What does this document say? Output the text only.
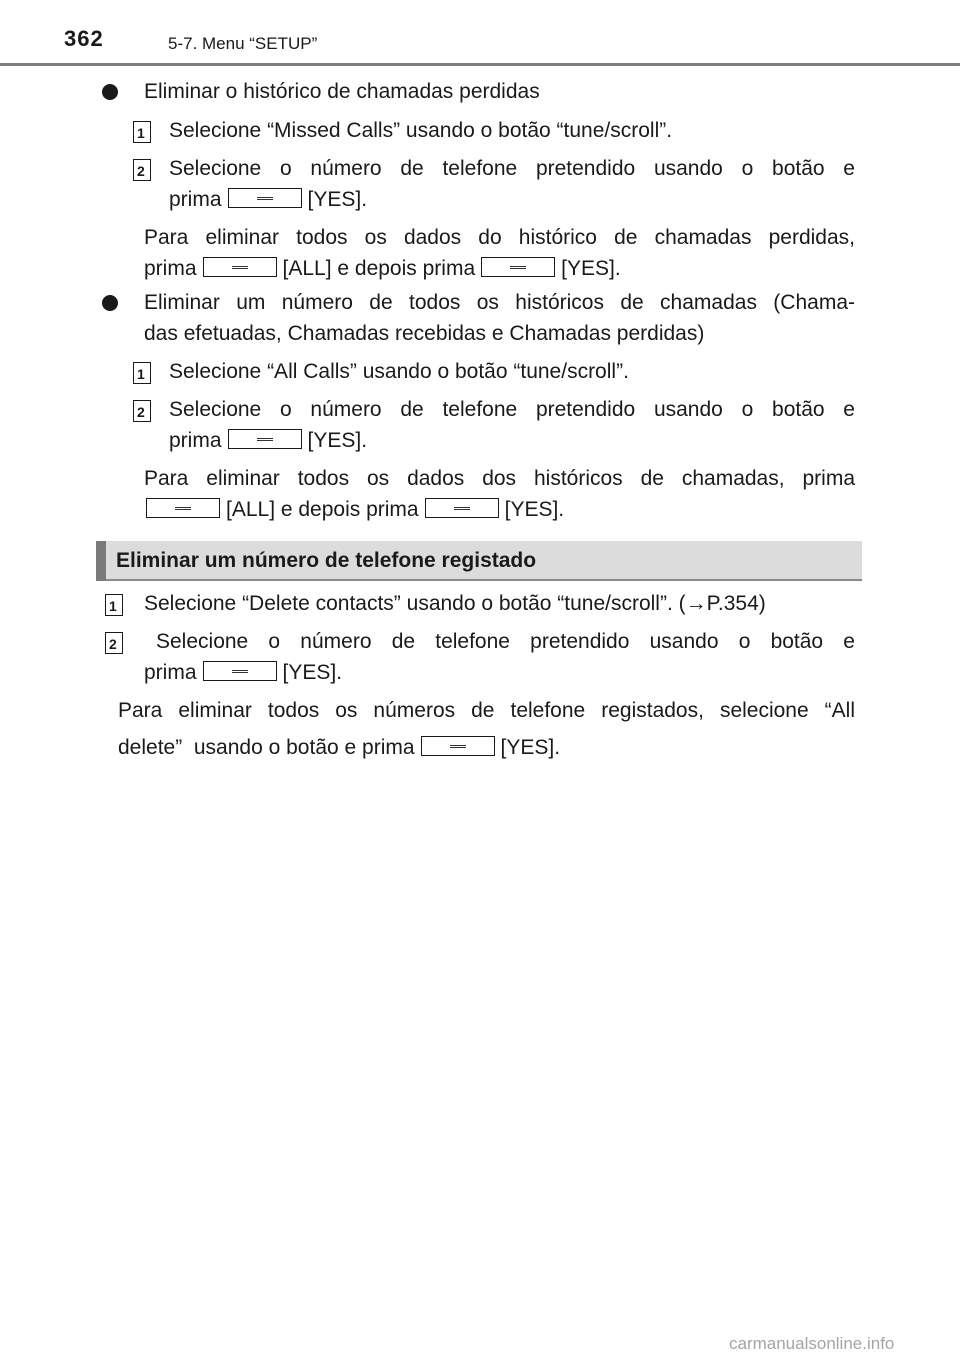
362	5-7. Menu “SETUP”
Eliminar o histórico de chamadas perdidas
1 Selecione “Missed Calls” usando o botão “tune/scroll”.
2 Selecione o número de telefone pretendido usando o botão e
prima	[YES].
Para eliminar todos os dados do histórico de chamadas perdidas,
prima	[ALL] e depois prima	[YES].
Eliminar um número de todos os históricos de chamadas (Chama-
das efetuadas, Chamadas recebidas e Chamadas perdidas)
1 Selecione “All Calls” usando o botão “tune/scroll”.
2 Selecione o número de telefone pretendido usando o botão e
prima	[YES].
Para eliminar todos os dados dos históricos de chamadas, prima
[ALL] e depois prima	[YES].
Eliminar um número de telefone registado
1 Selecione “Delete contacts” usando o botão “tune/scroll”. (→P.354)
2 Selecione o número de telefone pretendido usando o botão e
prima	[YES].
Para eliminar todos os números de telefone registados, selecione “All
delete”  usando o botão e prima	[YES].
carmanualsonline.info
